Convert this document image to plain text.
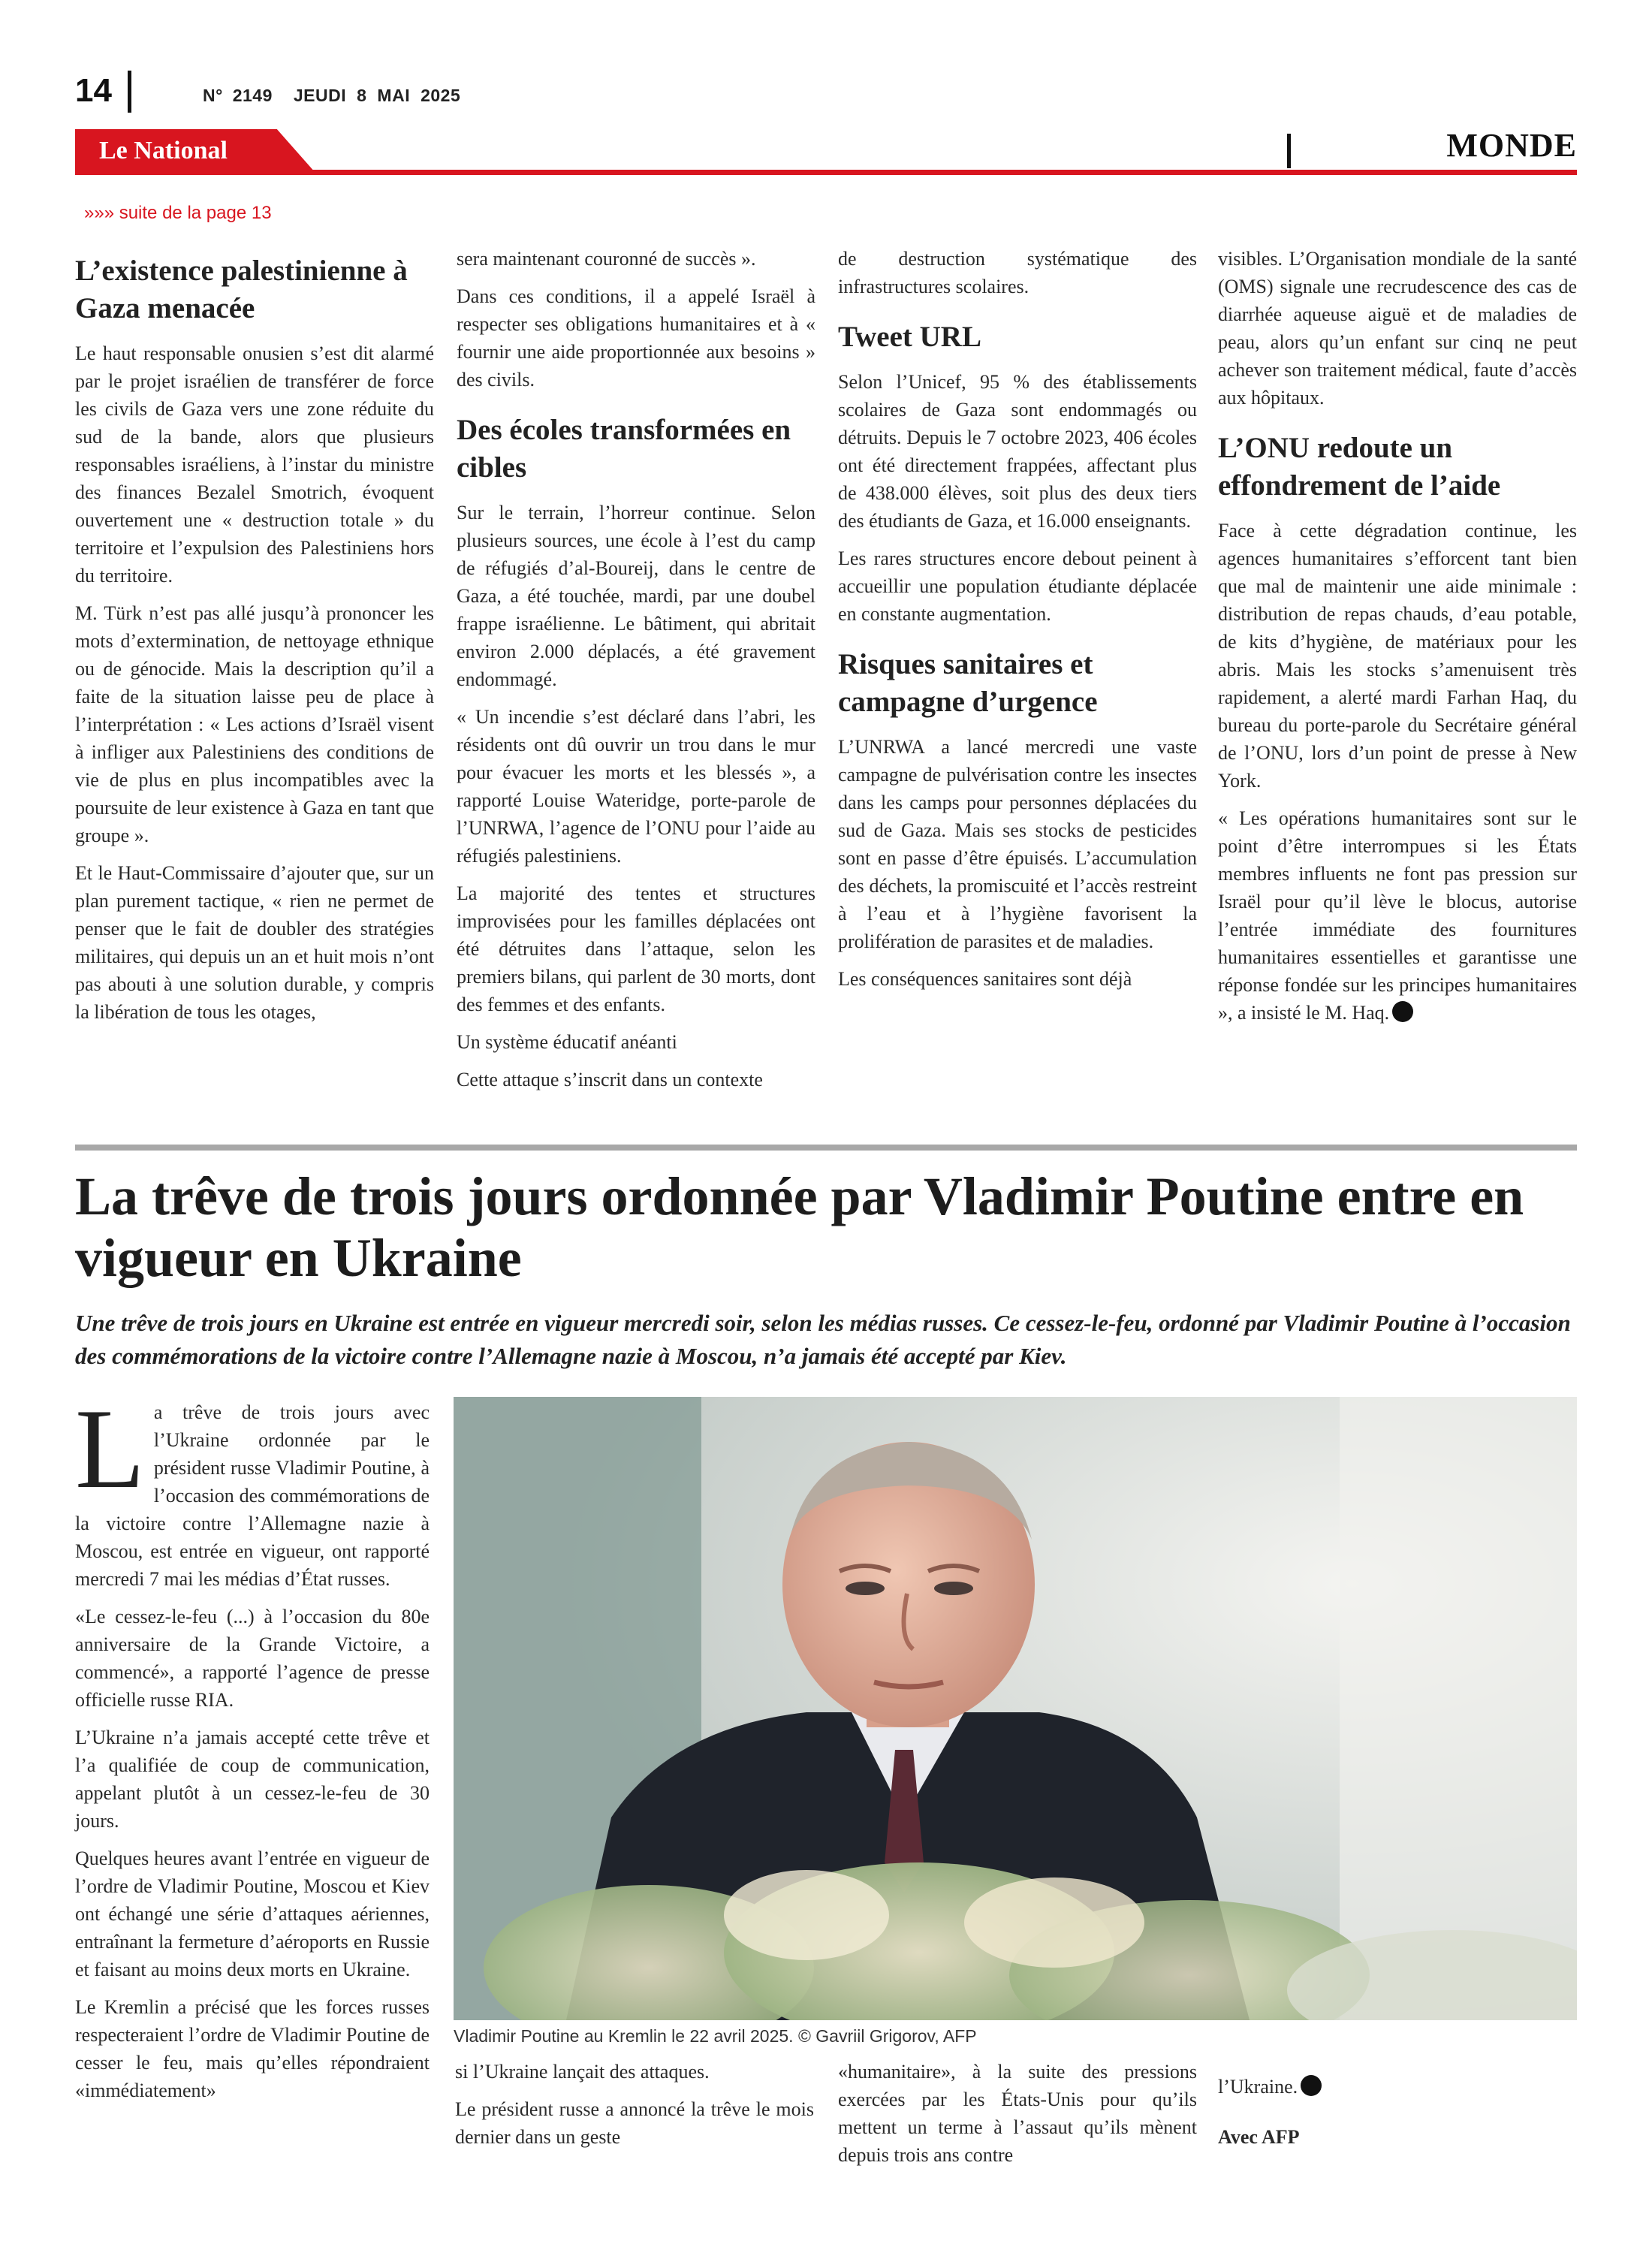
14	N° 2149 JEUDI 8 MAI 2025
Le National	MONDE
»»» suite de la page 13
L’existence palestinienne à Gaza menacée

Le haut responsable onusien s’est dit alarmé par le projet israélien de transférer de force les civils de Gaza vers une zone réduite du sud de la bande, alors que plusieurs responsables israéliens, à l’instar du ministre des finances Bezalel Smotrich, évoquent ouvertement une « destruction totale » du territoire et l’expulsion des Palestiniens hors du territoire.

M. Türk n’est pas allé jusqu’à prononcer les mots d’extermination, de nettoyage ethnique ou de génocide. Mais la description qu’il a faite de la situation laisse peu de place à l’interprétation : « Les actions d’Israël visent à infliger aux Palestiniens des conditions de vie de plus en plus incompatibles avec la poursuite de leur existence à Gaza en tant que groupe ».

Et le Haut-Commissaire d’ajouter que, sur un plan purement tactique, « rien ne permet de penser que le fait de doubler des stratégies militaires, qui depuis un an et huit mois n’ont pas abouti à une solution durable, y compris la libération de tous les otages,

sera maintenant couronné de succès ».

Dans ces conditions, il a appelé Israël à respecter ses obligations humanitaires et à « fournir une aide proportionnée aux besoins » des civils.

Des écoles transformées en cibles

Sur le terrain, l’horreur continue. Selon plusieurs sources, une école à l’est du camp de réfugiés d’al-Boureij, dans le centre de Gaza, a été touchée, mardi, par une doubel frappe israélienne. Le bâtiment, qui abritait environ 2.000 déplacés, a été gravement endommagé.

« Un incendie s’est déclaré dans l’abri, les résidents ont dû ouvrir un trou dans le mur pour évacuer les morts et les blessés », a rapporté Louise Wateridge, porte-parole de l’UNRWA, l’agence de l’ONU pour l’aide au réfugiés palestiniens.

La majorité des tentes et structures improvisées pour les familles déplacées ont été détruites dans l’attaque, selon les premiers bilans, qui parlent de 30 morts, dont des femmes et des enfants.

Un système éducatif anéanti

Cette attaque s’inscrit dans un contexte

de destruction systématique des infrastructures scolaires.

Tweet URL

Selon l’Unicef, 95 % des établissements scolaires de Gaza sont endommagés ou détruits. Depuis le 7 octobre 2023, 406 écoles ont été directement frappées, affectant plus de 438.000 élèves, soit plus des deux tiers des étudiants de Gaza, et 16.000 enseignants.

Les rares structures encore debout peinent à accueillir une population étudiante déplacée en constante augmentation.

Risques sanitaires et campagne d’urgence

L’UNRWA a lancé mercredi une vaste campagne de pulvérisation contre les insectes dans les camps pour personnes déplacées du sud de Gaza. Mais ses stocks de pesticides sont en passe d’être épuisés. L’accumulation des déchets, la promiscuité et l’accès restreint à l’eau et à l’hygiène favorisent la prolifération de parasites et de maladies.

Les conséquences sanitaires sont déjà

visibles. L’Organisation mondiale de la santé (OMS) signale une recrudescence des cas de diarrhée aqueuse aiguë et de maladies de peau, alors qu’un enfant sur cinq ne peut achever son traitement médical, faute d’accès aux hôpitaux.

L’ONU redoute un effondrement de l’aide

Face à cette dégradation continue, les agences humanitaires s’efforcent tant bien que mal de maintenir une aide minimale : distribution de repas chauds, d’eau potable, de kits d’hygiène, de matériaux pour les abris. Mais les stocks s’amenuisent très rapidement, a alerté mardi Farhan Haq, du bureau du porte-parole du Secrétaire général de l’ONU, lors d’un point de presse à New York.

« Les opérations humanitaires sont sur le point d’être interrompues si les États membres influents ne font pas pression sur Israël pour qu’il lève le blocus, autorise l’entrée immédiate des fournitures humanitaires essentielles et garantisse une réponse fondée sur les principes humanitaires », a insisté le M. Haq.

La trêve de trois jours ordonnée par Vladimir Poutine entre en vigueur en Ukraine
Une trêve de trois jours en Ukraine est entrée en vigueur mercredi soir, selon les médias russes. Ce cessez-le-feu, ordonné par Vladimir Poutine à l’occasion des commémorations de la victoire contre l’Allemagne nazie à Moscou, n’a jamais été accepté par Kiev.

La trêve de trois jours avec l’Ukraine ordonnée par le président russe Vladimir Poutine, à l’occasion des commémorations de la victoire contre l’Allemagne nazie à Moscou, est entrée en vigueur, ont rapporté mercredi 7 mai les médias d’État russes.

«Le cessez-le-feu (...) à l’occasion du 80e anniversaire de la Grande Victoire, a commencé», a rapporté l’agence de presse officielle russe RIA.

L’Ukraine n’a jamais accepté cette trêve et l’a qualifiée de coup de communication, appelant plutôt à un cessez-le-feu de 30 jours.

Quelques heures avant l’entrée en vigueur de l’ordre de Vladimir Poutine, Moscou et Kiev ont échangé une série d’attaques aériennes, entraînant la fermeture d’aéroports en Russie et faisant au moins deux morts en Ukraine.

Le Kremlin a précisé que les forces russes respecteraient l’ordre de Vladimir Poutine de cesser le feu, mais qu’elles répondraient «immédiatement»

Vladimir Poutine au Kremlin le 22 avril 2025. © Gavriil Grigorov, AFP

si l’Ukraine lançait des attaques.

Le président russe a annoncé la trêve le mois dernier dans un geste

«humanitaire», à la suite des pressions exercées par les États-Unis pour qu’ils mettent un terme à l’assaut qu’ils mènent depuis trois ans contre

l’Ukraine.

Avec AFP
